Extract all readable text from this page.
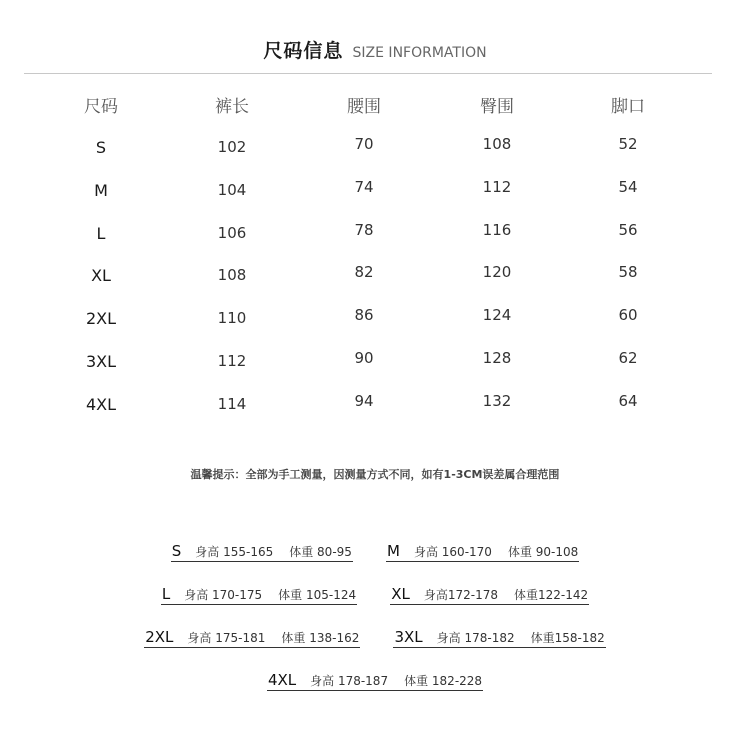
尺码信息 SIZE INFORMATION
尺码	裤长	腰围	臀围	脚口
S	102	70	108	52
M	104	74	112	54
L	106	78	116	56
XL	108	82	120	58
2XL	110	86	124	60
3XL	112	90	128	62
4XL	114	94	132	64
温馨提示：全部为手工测量，因测量方式不同，如有1-3CM误差属合理范围
S 身高 155-165 体重 80-95 M 身高 160-170 体重 90-108
L 身高 170-175 体重 105-124 XL 身高172-178 体重122-142
2XL 身高 175-181 体重 138-162 3XL 身高 178-182 体重158-182
4XL 身高 178-187 体重 182-228
